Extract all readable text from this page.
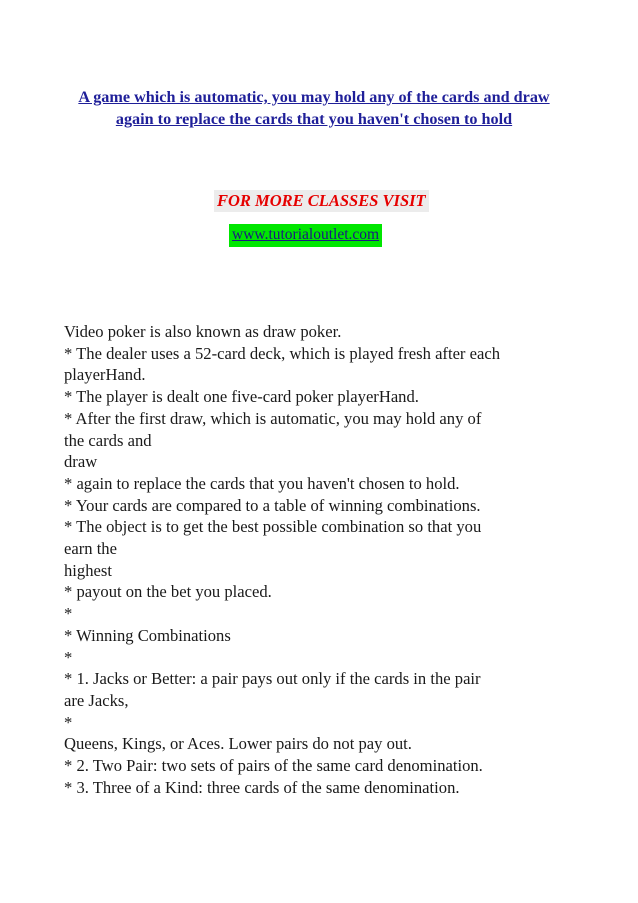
A game which is automatic, you may hold any of the cards and draw again to replace the cards that you haven't chosen to hold
FOR MORE CLASSES VISIT
www.tutorialoutlet.com
Video poker is also known as draw poker.
* The dealer uses a 52-card deck, which is played fresh after each
playerHand.
* The player is dealt one five-card poker playerHand.
* After the first draw, which is automatic, you may hold any of
the cards and
draw
* again to replace the cards that you haven't chosen to hold.
* Your cards are compared to a table of winning combinations.
* The object is to get the best possible combination so that you
earn the
highest
* payout on the bet you placed.
*
* Winning Combinations
*
* 1. Jacks or Better: a pair pays out only if the cards in the pair
are Jacks,
*
Queens, Kings, or Aces. Lower pairs do not pay out.
* 2. Two Pair: two sets of pairs of the same card denomination.
* 3. Three of a Kind: three cards of the same denomination.
